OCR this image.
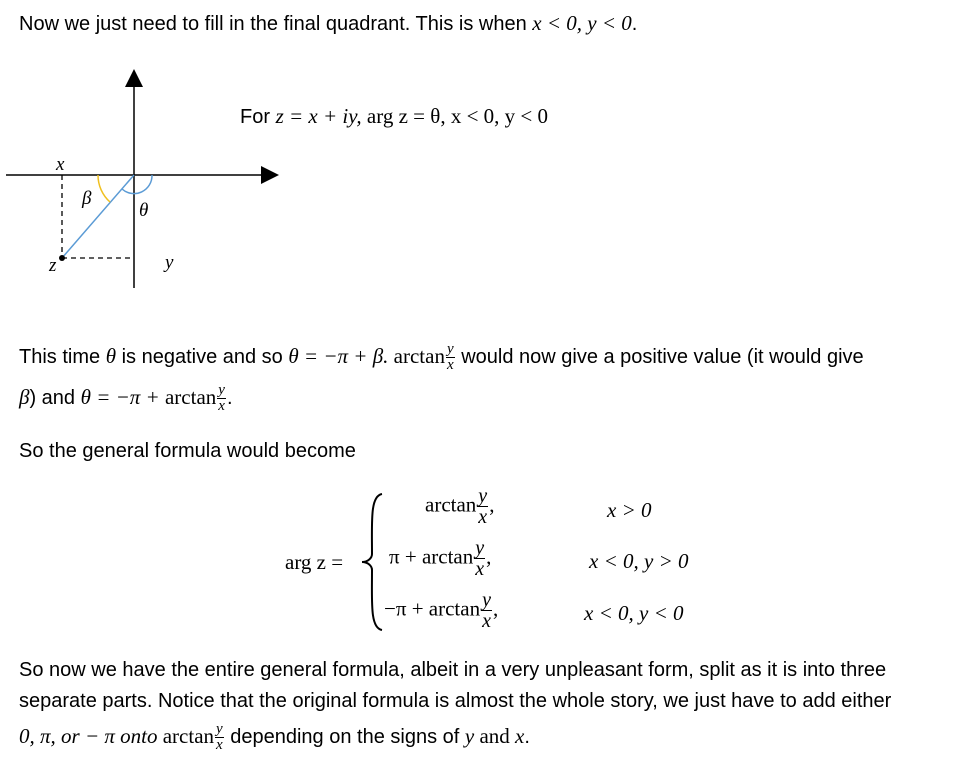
Now we just need to fill in the final quadrant. This is when x < 0, y < 0.
x
β
θ
z	y
For z = x + iy, arg z = θ, x < 0, y < 0
This time θ is negative and so θ = −π + β. $\arctan \frac{y}{x}$ would now give a positive value (it would give
β) and $\theta = -\pi + \arctan \frac{y}{x}$ .
So the general formula would become
arg z =
$\arctan \frac{y}{x}$ ,	x > 0
$\pi + \arctan \frac{y}{x}$ ,	x < 0, y > 0
$-\pi + \arctan \frac{y}{x}$ ,	x < 0, y < 0
So now we have the entire general formula, albeit in a very unpleasant form, split as it is into three
separate parts. Notice that the original formula is almost the whole story, we just have to add either
0, π, or − π onto $\arctan \frac{y}{x}$ depending on the signs of y and x.
